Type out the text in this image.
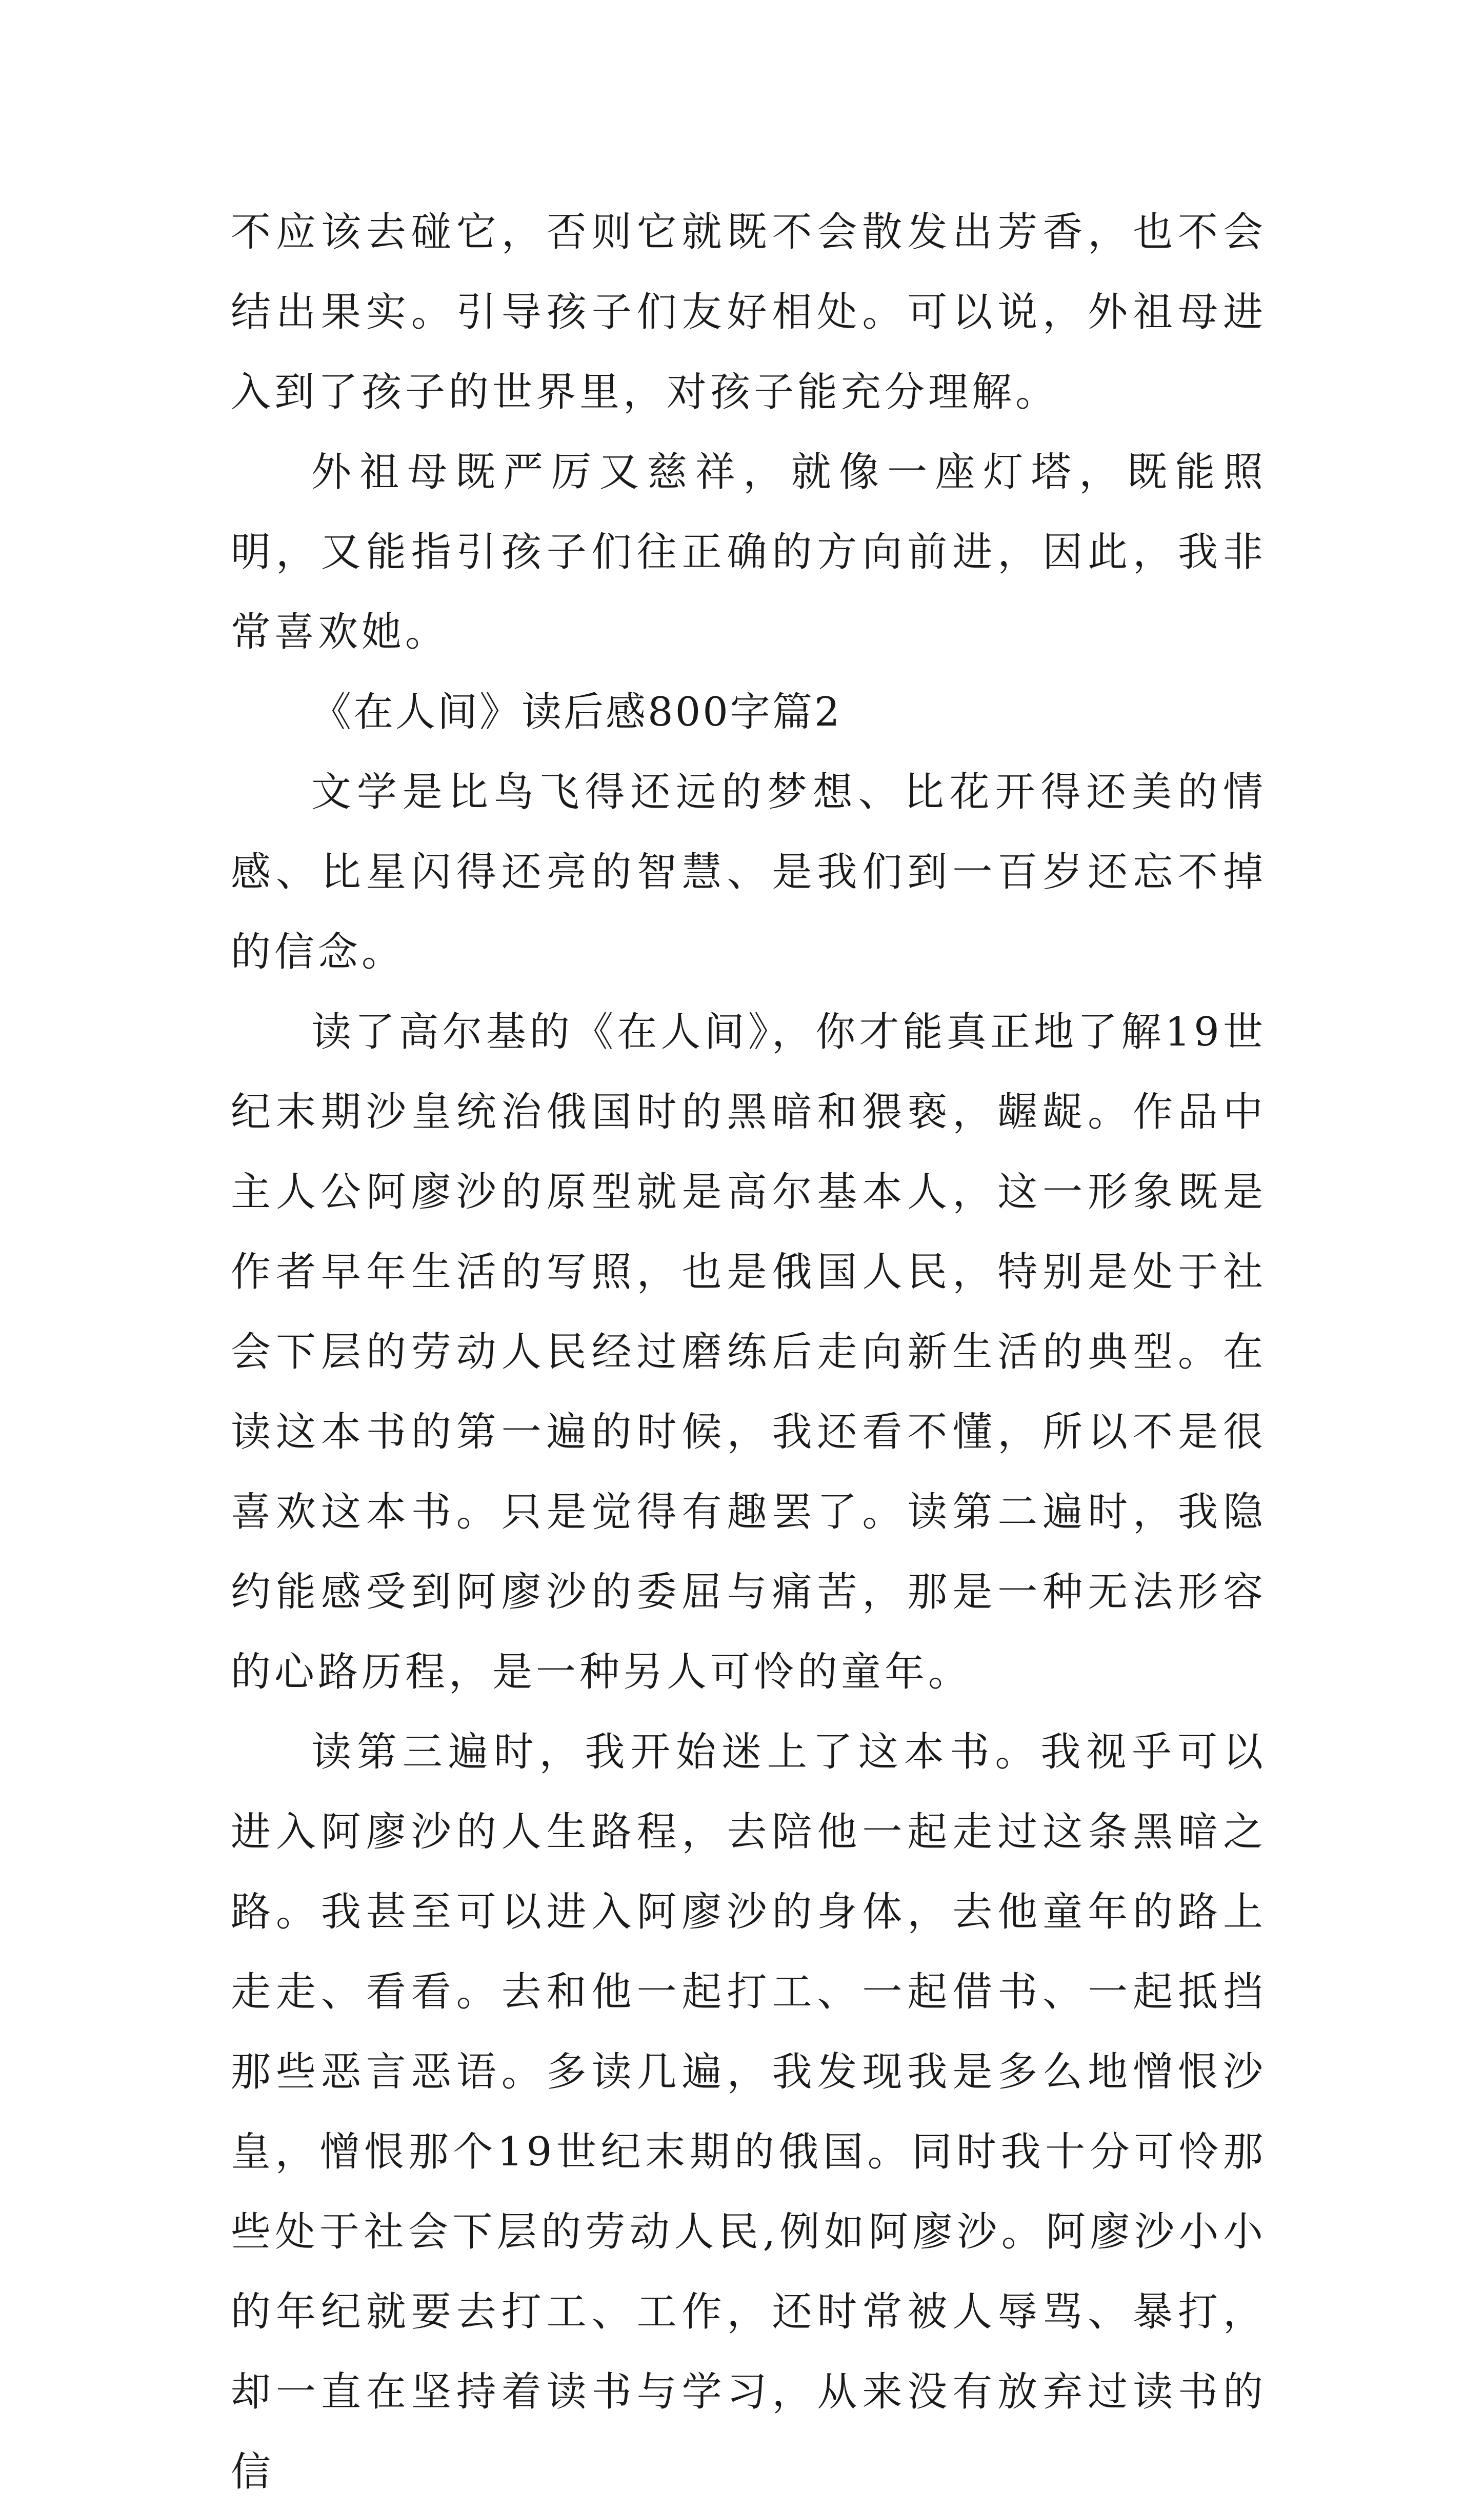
不应该去碰它，否则它就既不会散发出芳香，也不会结出果实。引导孩子们友好相处。可以说，外祖母进入到了孩子的世界里，对孩子能充分理解。

外祖母既严厉又慈祥，就像一座灯塔，既能照明，又能指引孩子们往正确的方向前进，因此，我非常喜欢她。

《在人间》读后感800字篇2

文学是比鸟飞得还远的梦想、比花开得还美的情感、比星闪得还亮的智慧、是我们到一百岁还忘不掉的信念。

读了高尔基的《在人间》，你才能真正地了解19世纪末期沙皇统治俄国时的黑暗和猥亵，龌龊。作品中主人公阿廖沙的原型就是高尔基本人，这一形象既是作者早年生活的写照，也是俄国人民，特别是处于社会下层的劳动人民经过磨练后走向新生活的典型。在读这本书的第一遍的时候，我还看不懂，所以不是很喜欢这本书。只是觉得有趣罢了。读第二遍时，我隐约能感受到阿廖沙的委屈与痛苦，那是一种无法形容的心路历程，是一种另人可怜的童年。

读第三遍时，我开始迷上了这本书。我视乎可以进入阿廖沙的人生路程，去陪他一起走过这条黑暗之路。我甚至可以进入阿廖沙的身体，去他童年的路上走走、看看。去和他一起打工、一起借书、一起抵挡那些恶言恶语。多读几遍，我发现我是多么地憎恨沙皇，憎恨那个19世纪末期的俄国。同时我十分可怜那些处于社会下层的劳动人民,例如阿廖沙。阿廖沙小小的年纪就要去打工、工作，还时常被人辱骂、暴打，却一直在坚持着读书与学习，从来没有放弃过读书的信
